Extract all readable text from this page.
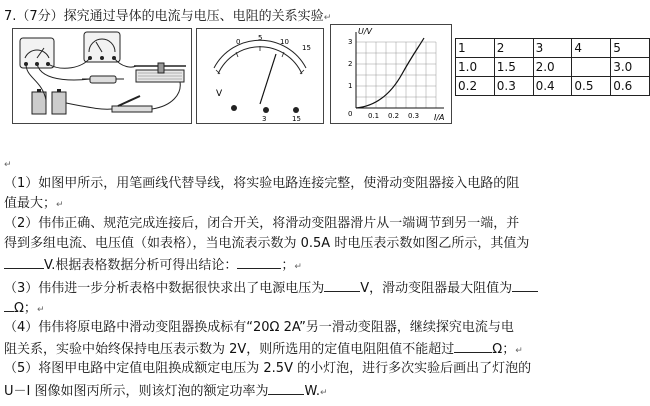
7.（7分）探究通过导体的电流与电压、电阻的关系实验↵
0	5	10
15
V
3	15
U/V
I/A
0
1
2
3
0.1 0.2 0.3
1	2	3	4	5
1.0	1.5	2.0		3.0
0.2	0.3	0.4	0.5	0.6
↵
（1）如图甲所示，用笔画线代替导线，将实验电路连接完整，使滑动变阻器接入电路的阻
值最大；↵
（2）伟伟正确、规范完成连接后，闭合开关，将滑动变阻器滑片从一端调节到另一端，并
得到多组电流、电压值（如表格），当电流表示数为 0.5A 时电压表示数如图乙所示，其值为
V.根据表格数据分析可得出结论：	；↵
（3）伟伟进一步分析表格中数据很快求出了电源电压为	V，滑动变阻器最大阻值为
Ω；↵
（4）伟伟将原电路中滑动变阻器换成标有“20Ω 2A”另一滑动变阻器，继续探究电流与电
阻关系，实验中始终保持电压表示数为 2V，则所选用的定值电阻阻值不能超过	Ω；↵
（5）将图甲电路中定值电阻换成额定电压为 2.5V 的小灯泡，进行多次实验后画出了灯泡的
U－I 图像如图丙所示，则该灯泡的额定功率为	W.↵
